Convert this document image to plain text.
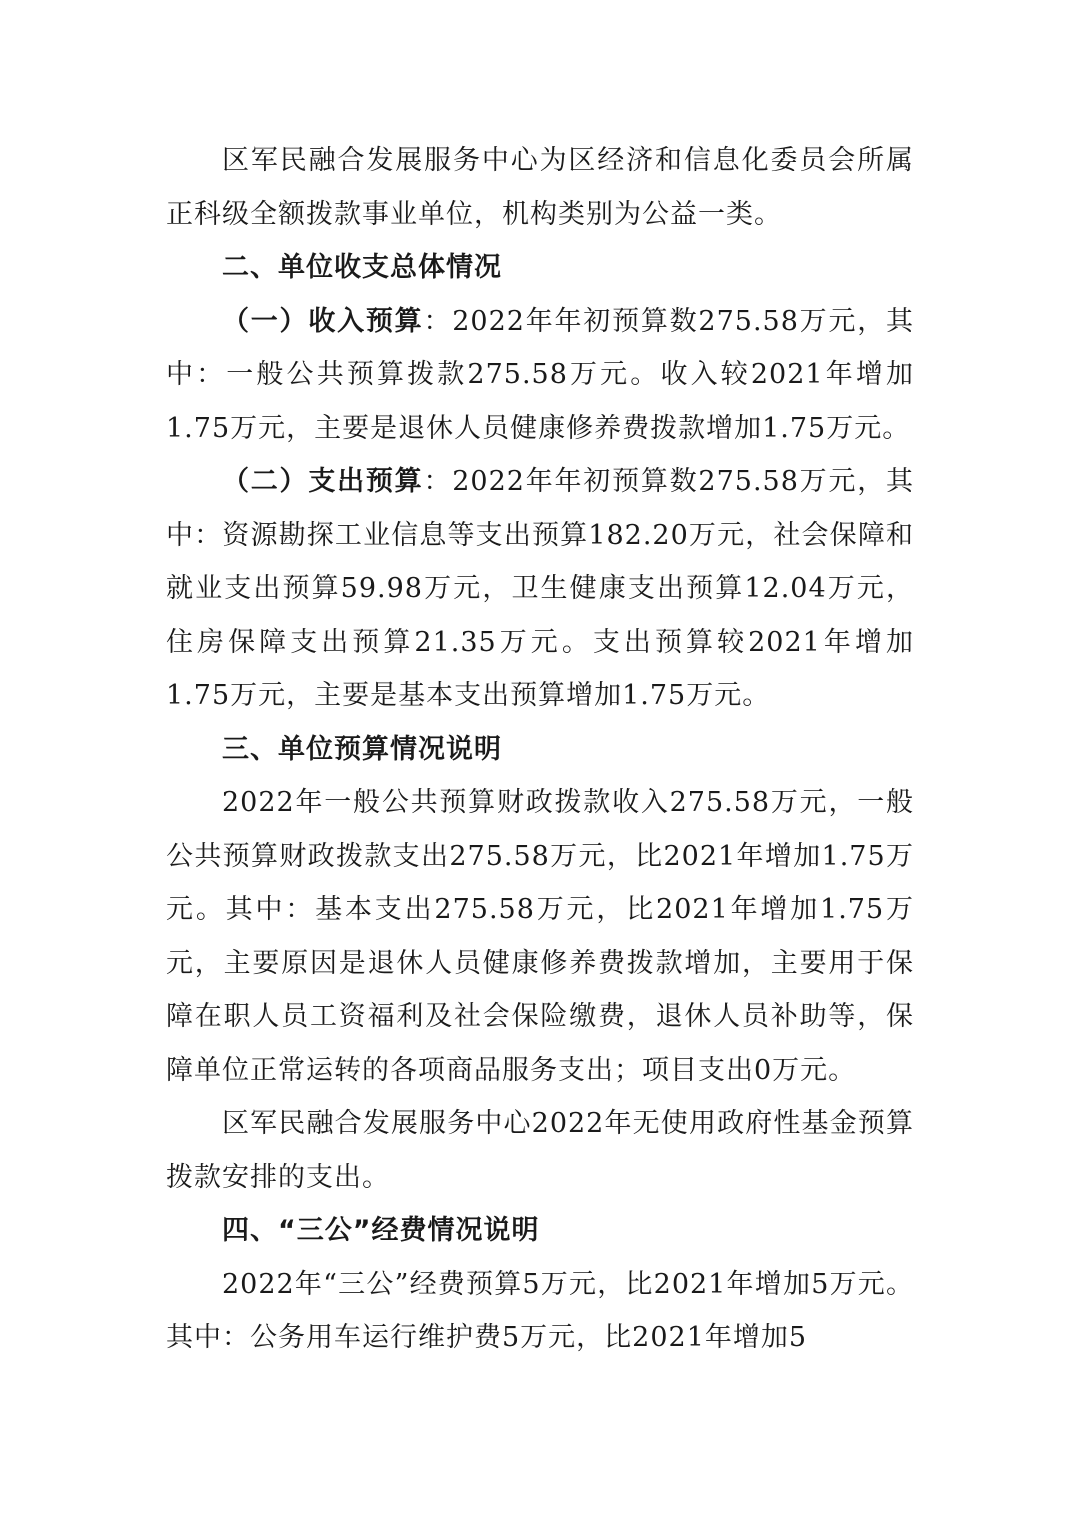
区军民融合发展服务中心为区经济和信息化委员会所属正科级全额拨款事业单位，机构类别为公益一类。

二、单位收支总体情况

（一）收入预算：2022年年初预算数275.58万元，其中：一般公共预算拨款275.58万元。收入较2021年增加1.75万元，主要是退休人员健康修养费拨款增加1.75万元。

（二）支出预算：2022年年初预算数275.58万元，其中：资源勘探工业信息等支出预算182.20万元，社会保障和就业支出预算59.98万元，卫生健康支出预算12.04万元，住房保障支出预算21.35万元。支出预算较2021年增加1.75万元，主要是基本支出预算增加1.75万元。

三、单位预算情况说明

2022年一般公共预算财政拨款收入275.58万元，一般公共预算财政拨款支出275.58万元，比2021年增加1.75万元。其中：基本支出275.58万元，比2021年增加1.75万元，主要原因是退休人员健康修养费拨款增加，主要用于保障在职人员工资福利及社会保险缴费，退休人员补助等，保障单位正常运转的各项商品服务支出；项目支出0万元。

区军民融合发展服务中心2022年无使用政府性基金预算拨款安排的支出。

四、“三公”经费情况说明

2022年“三公”经费预算5万元，比2021年增加5万元。其中：公务用车运行维护费5万元，比2021年增加5
